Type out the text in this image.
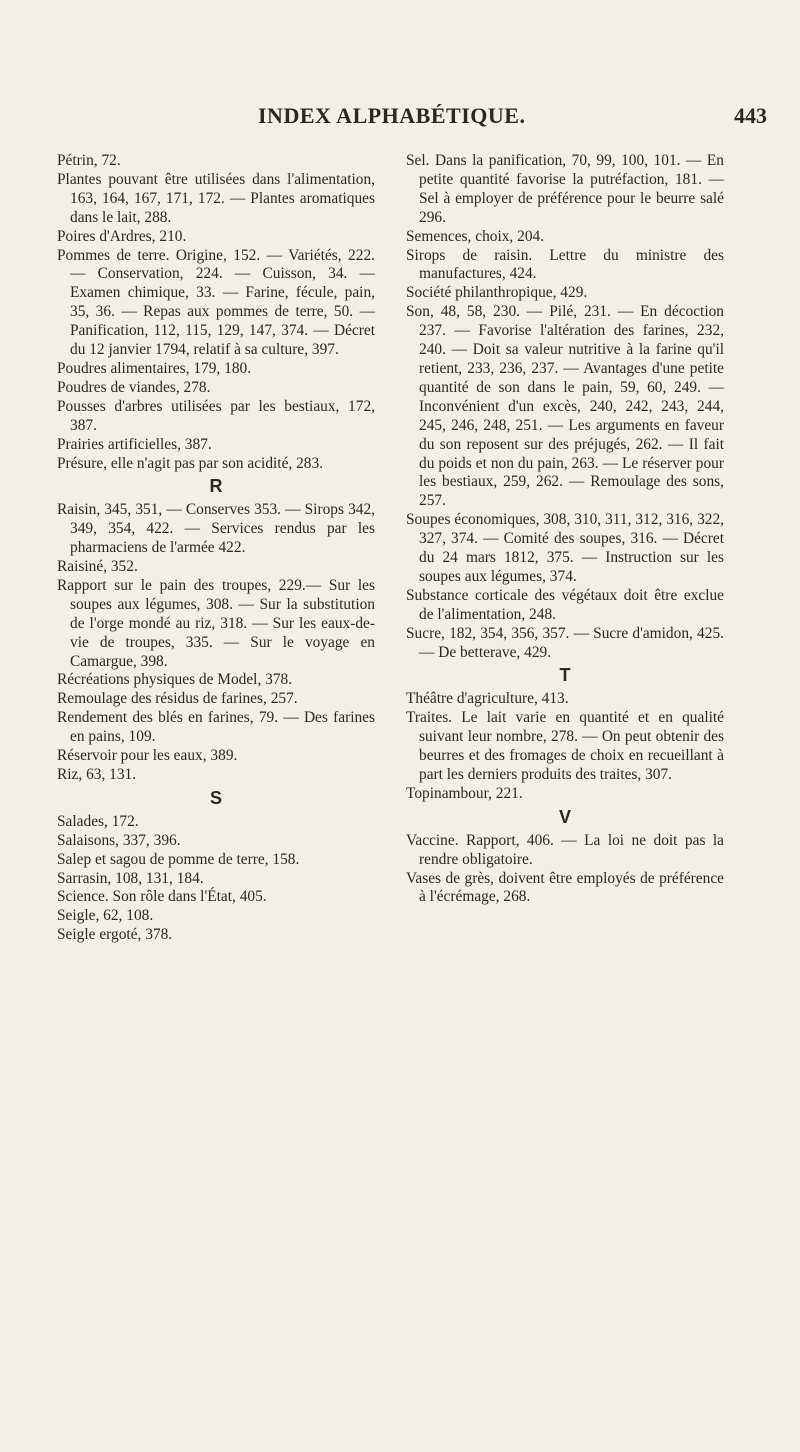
INDEX ALPHABÉTIQUE.	443

Pétrin, 72.

Plantes pouvant être utilisées dans l'alimentation, 163, 164, 167, 171, 172. — Plantes aromatiques dans le lait, 288.

Poires d'Ardres, 210.

Pommes de terre. Origine, 152. — Variétés, 222. — Conservation, 224. — Cuisson, 34. — Examen chimique, 33. — Farine, fécule, pain, 35, 36. — Repas aux pommes de terre, 50. — Panification, 112, 115, 129, 147, 374. — Décret du 12 janvier 1794, relatif à sa culture, 397.

Poudres alimentaires, 179, 180.

Poudres de viandes, 278.

Pousses d'arbres utilisées par les bestiaux, 172, 387.

Prairies artificielles, 387.

Présure, elle n'agit pas par son acidité, 283.

R

Raisin, 345, 351, — Conserves 353. — Sirops 342, 349, 354, 422. — Services rendus par les pharmaciens de l'armée 422.

Raisiné, 352.

Rapport sur le pain des troupes, 229.— Sur les soupes aux légumes, 308. — Sur la substitution de l'orge mondé au riz, 318. — Sur les eaux-de-vie de troupes, 335. — Sur le voyage en Camargue, 398.

Récréations physiques de Model, 378.

Remoulage des résidus de farines, 257.

Rendement des blés en farines, 79. — Des farines en pains, 109.

Réservoir pour les eaux, 389.

Riz, 63, 131.

S

Salades, 172.

Salaisons, 337, 396.

Salep et sagou de pomme de terre, 158.

Sarrasin, 108, 131, 184.

Science. Son rôle dans l'État, 405.

Seigle, 62, 108.

Seigle ergoté, 378.

Sel. Dans la panification, 70, 99, 100, 101. — En petite quantité favorise la putréfaction, 181. — Sel à employer de préférence pour le beurre salé 296.

Semences, choix, 204.

Sirops de raisin. Lettre du ministre des manufactures, 424.

Société philanthropique, 429.

Son, 48, 58, 230. — Pilé, 231. — En décoction 237. — Favorise l'altération des farines, 232, 240. — Doit sa valeur nutritive à la farine qu'il retient, 233, 236, 237. — Avantages d'une petite quantité de son dans le pain, 59, 60, 249. — Inconvénient d'un excès, 240, 242, 243, 244, 245, 246, 248, 251. — Les arguments en faveur du son reposent sur des préjugés, 262. — Il fait du poids et non du pain, 263. — Le réserver pour les bestiaux, 259, 262. — Remoulage des sons, 257.

Soupes économiques, 308, 310, 311, 312, 316, 322, 327, 374. — Comité des soupes, 316. — Décret du 24 mars 1812, 375. — Instruction sur les soupes aux légumes, 374.

Substance corticale des végétaux doit être exclue de l'alimentation, 248.

Sucre, 182, 354, 356, 357. — Sucre d'amidon, 425. — De betterave, 429.

T

Théâtre d'agriculture, 413.

Traites. Le lait varie en quantité et en qualité suivant leur nombre, 278. — On peut obtenir des beurres et des fromages de choix en recueillant à part les derniers produits des traites, 307.

Topinambour, 221.

V

Vaccine. Rapport, 406. — La loi ne doit pas la rendre obligatoire.

Vases de grès, doivent être employés de préférence à l'écrémage, 268.
